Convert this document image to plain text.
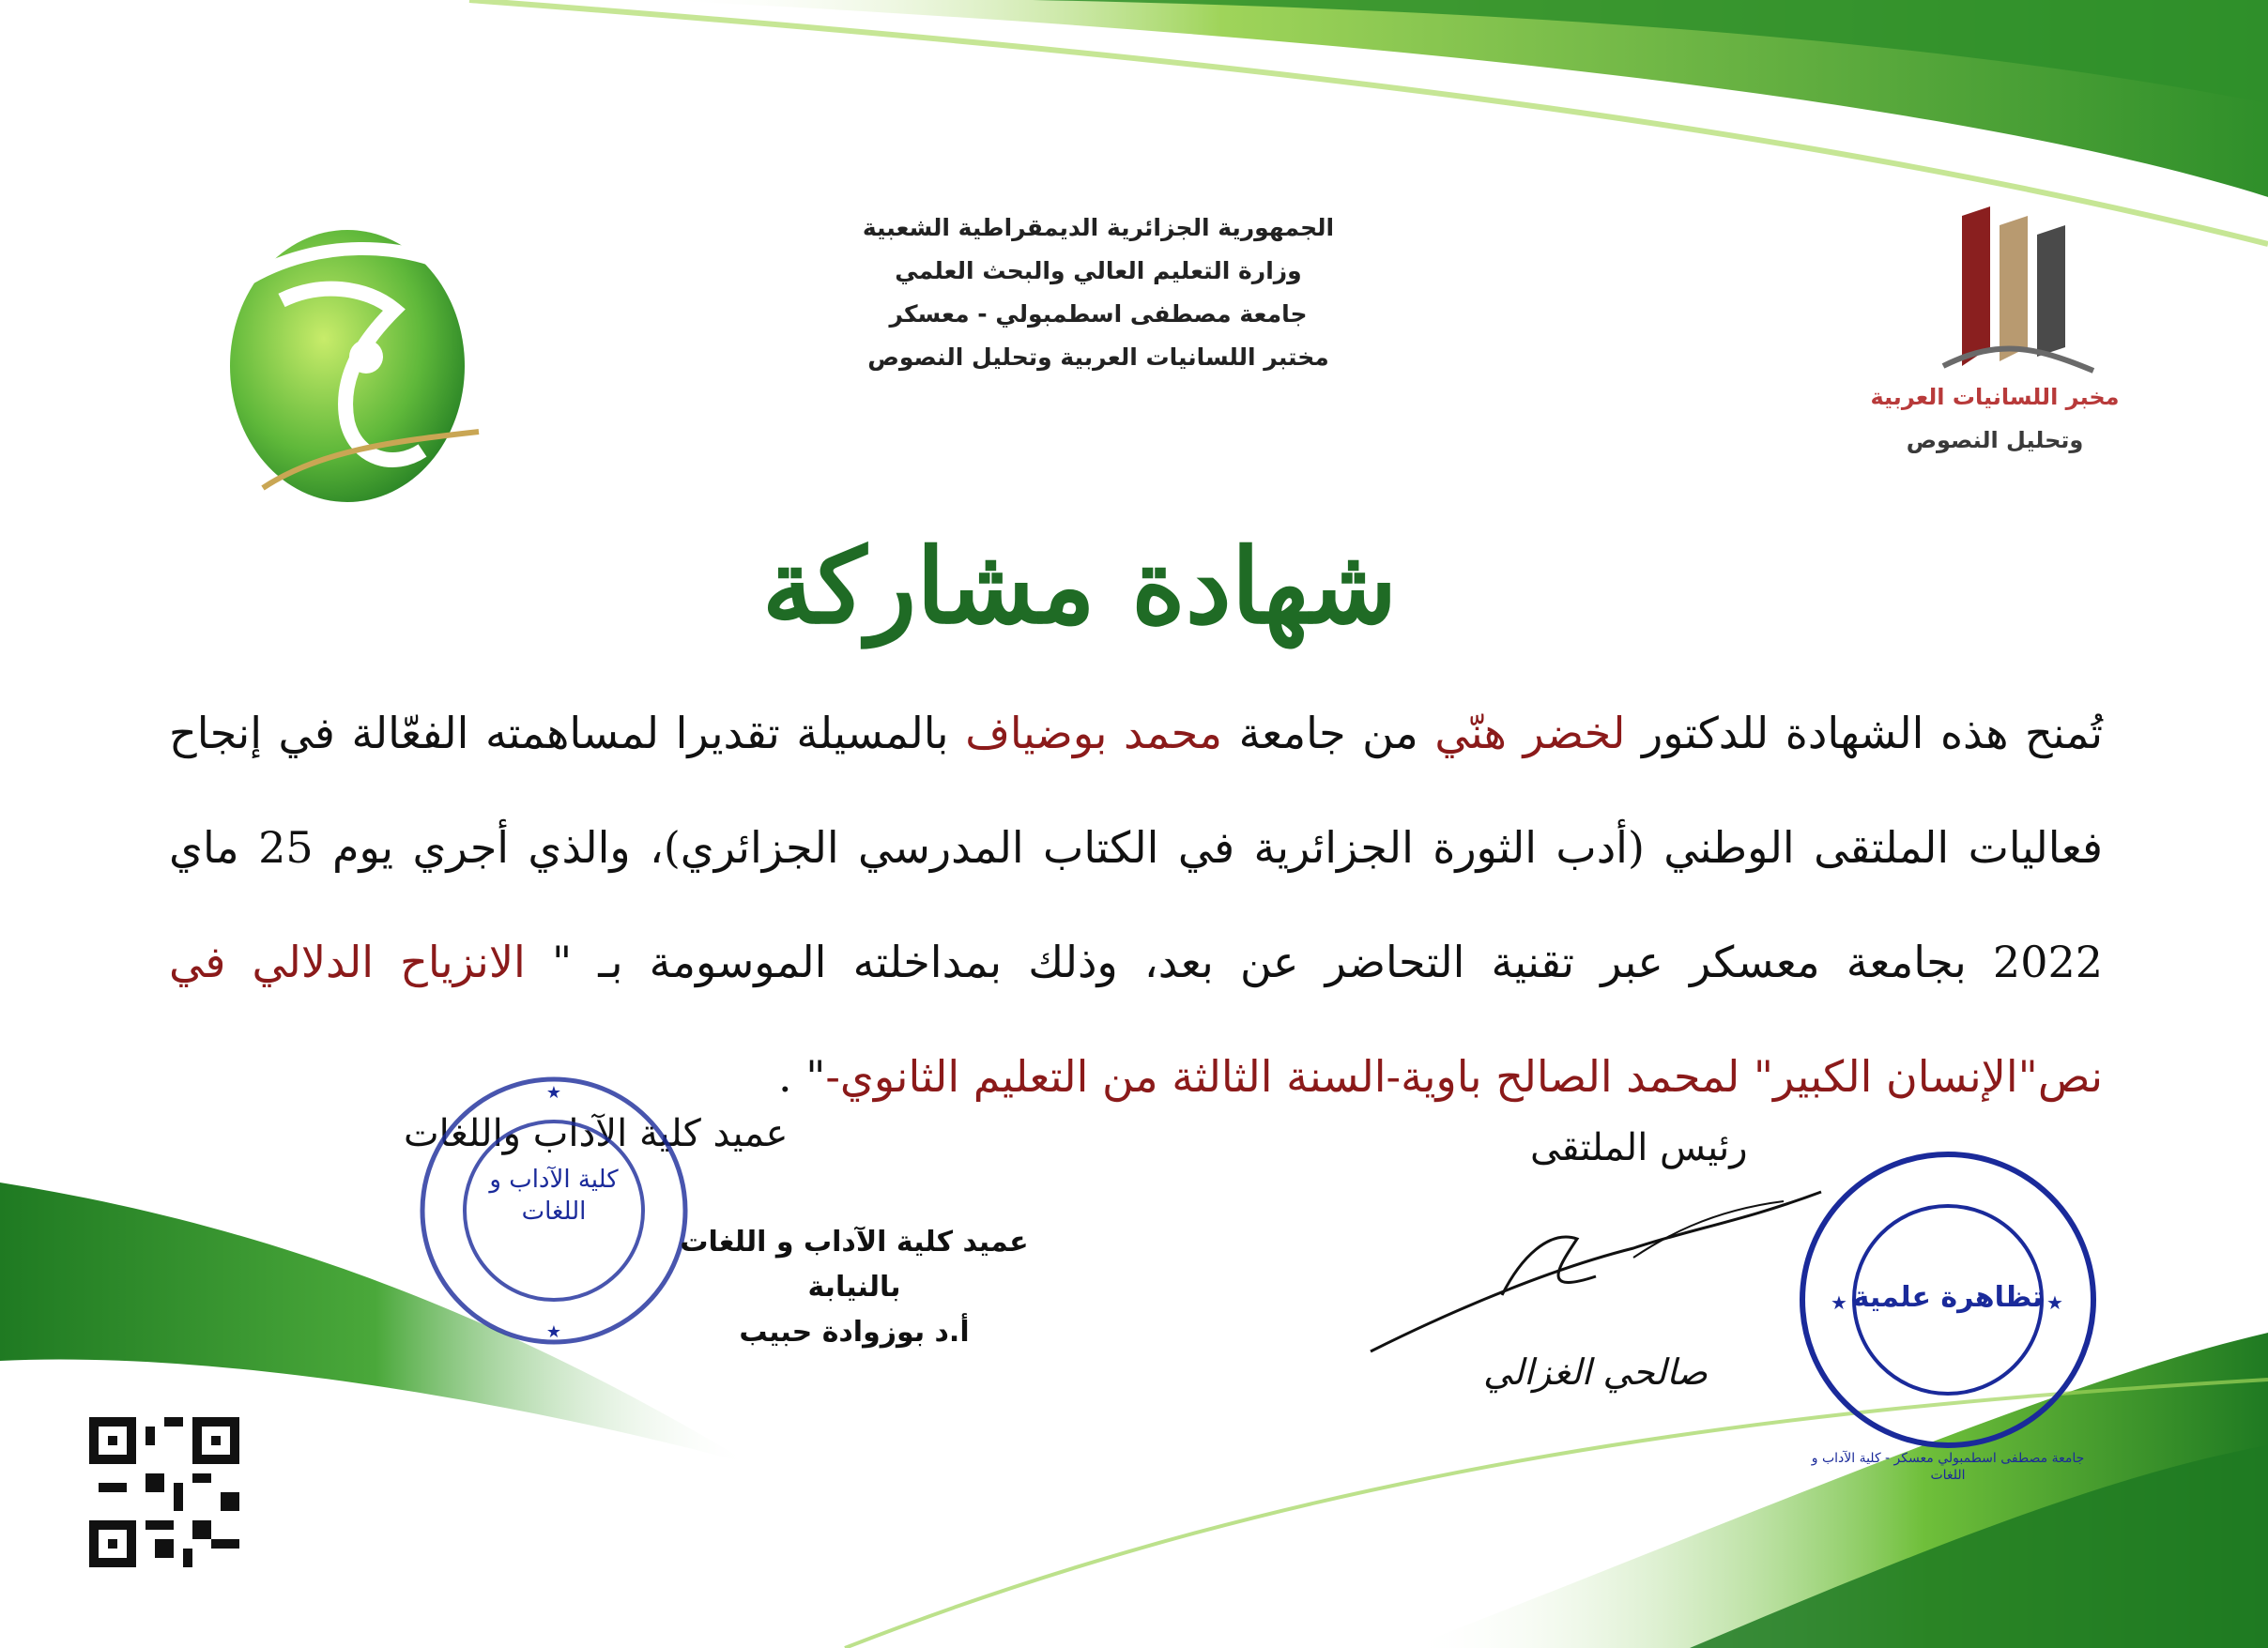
مخبر اللسانيات العربية
وتحليل النصوص
الجمهورية الجزائرية الديمقراطية الشعبية
وزارة التعليم العالي والبحث العلمي
جامعة مصطفى اسطمبولي - معسكر
مختبر اللسانيات العربية وتحليل النصوص
شهادة مشاركة
تُمنح هذه الشهادة للدكتور لخضر هنّي من جامعة محمد بوضياف بالمسيلة تقديرا لمساهمته الفعّالة في إنجاح فعاليات الملتقى الوطني (أدب الثورة الجزائرية في الكتاب المدرسي الجزائري)، والذي أجري يوم 25 ماي 2022 بجامعة معسكر عبر تقنية التحاضر عن بعد، وذلك بمداخلته الموسومة بـ " الانزياح الدلالي في نص"الإنسان الكبير" لمحمد الصالح باوية-السنة الثالثة من التعليم الثانوي-" .
عميد كلية الآداب واللغات
★
★
كلية الآداب و اللغات
عميد كلية الآداب و اللغات
بالنيابة
أ.د بوزوادة حبيب
رئيس الملتقى
صالحي الغزالي
★	★
تظاهرة علمية
جامعة مصطفى اسطمبولي معسكر - كلية الآداب و اللغات
